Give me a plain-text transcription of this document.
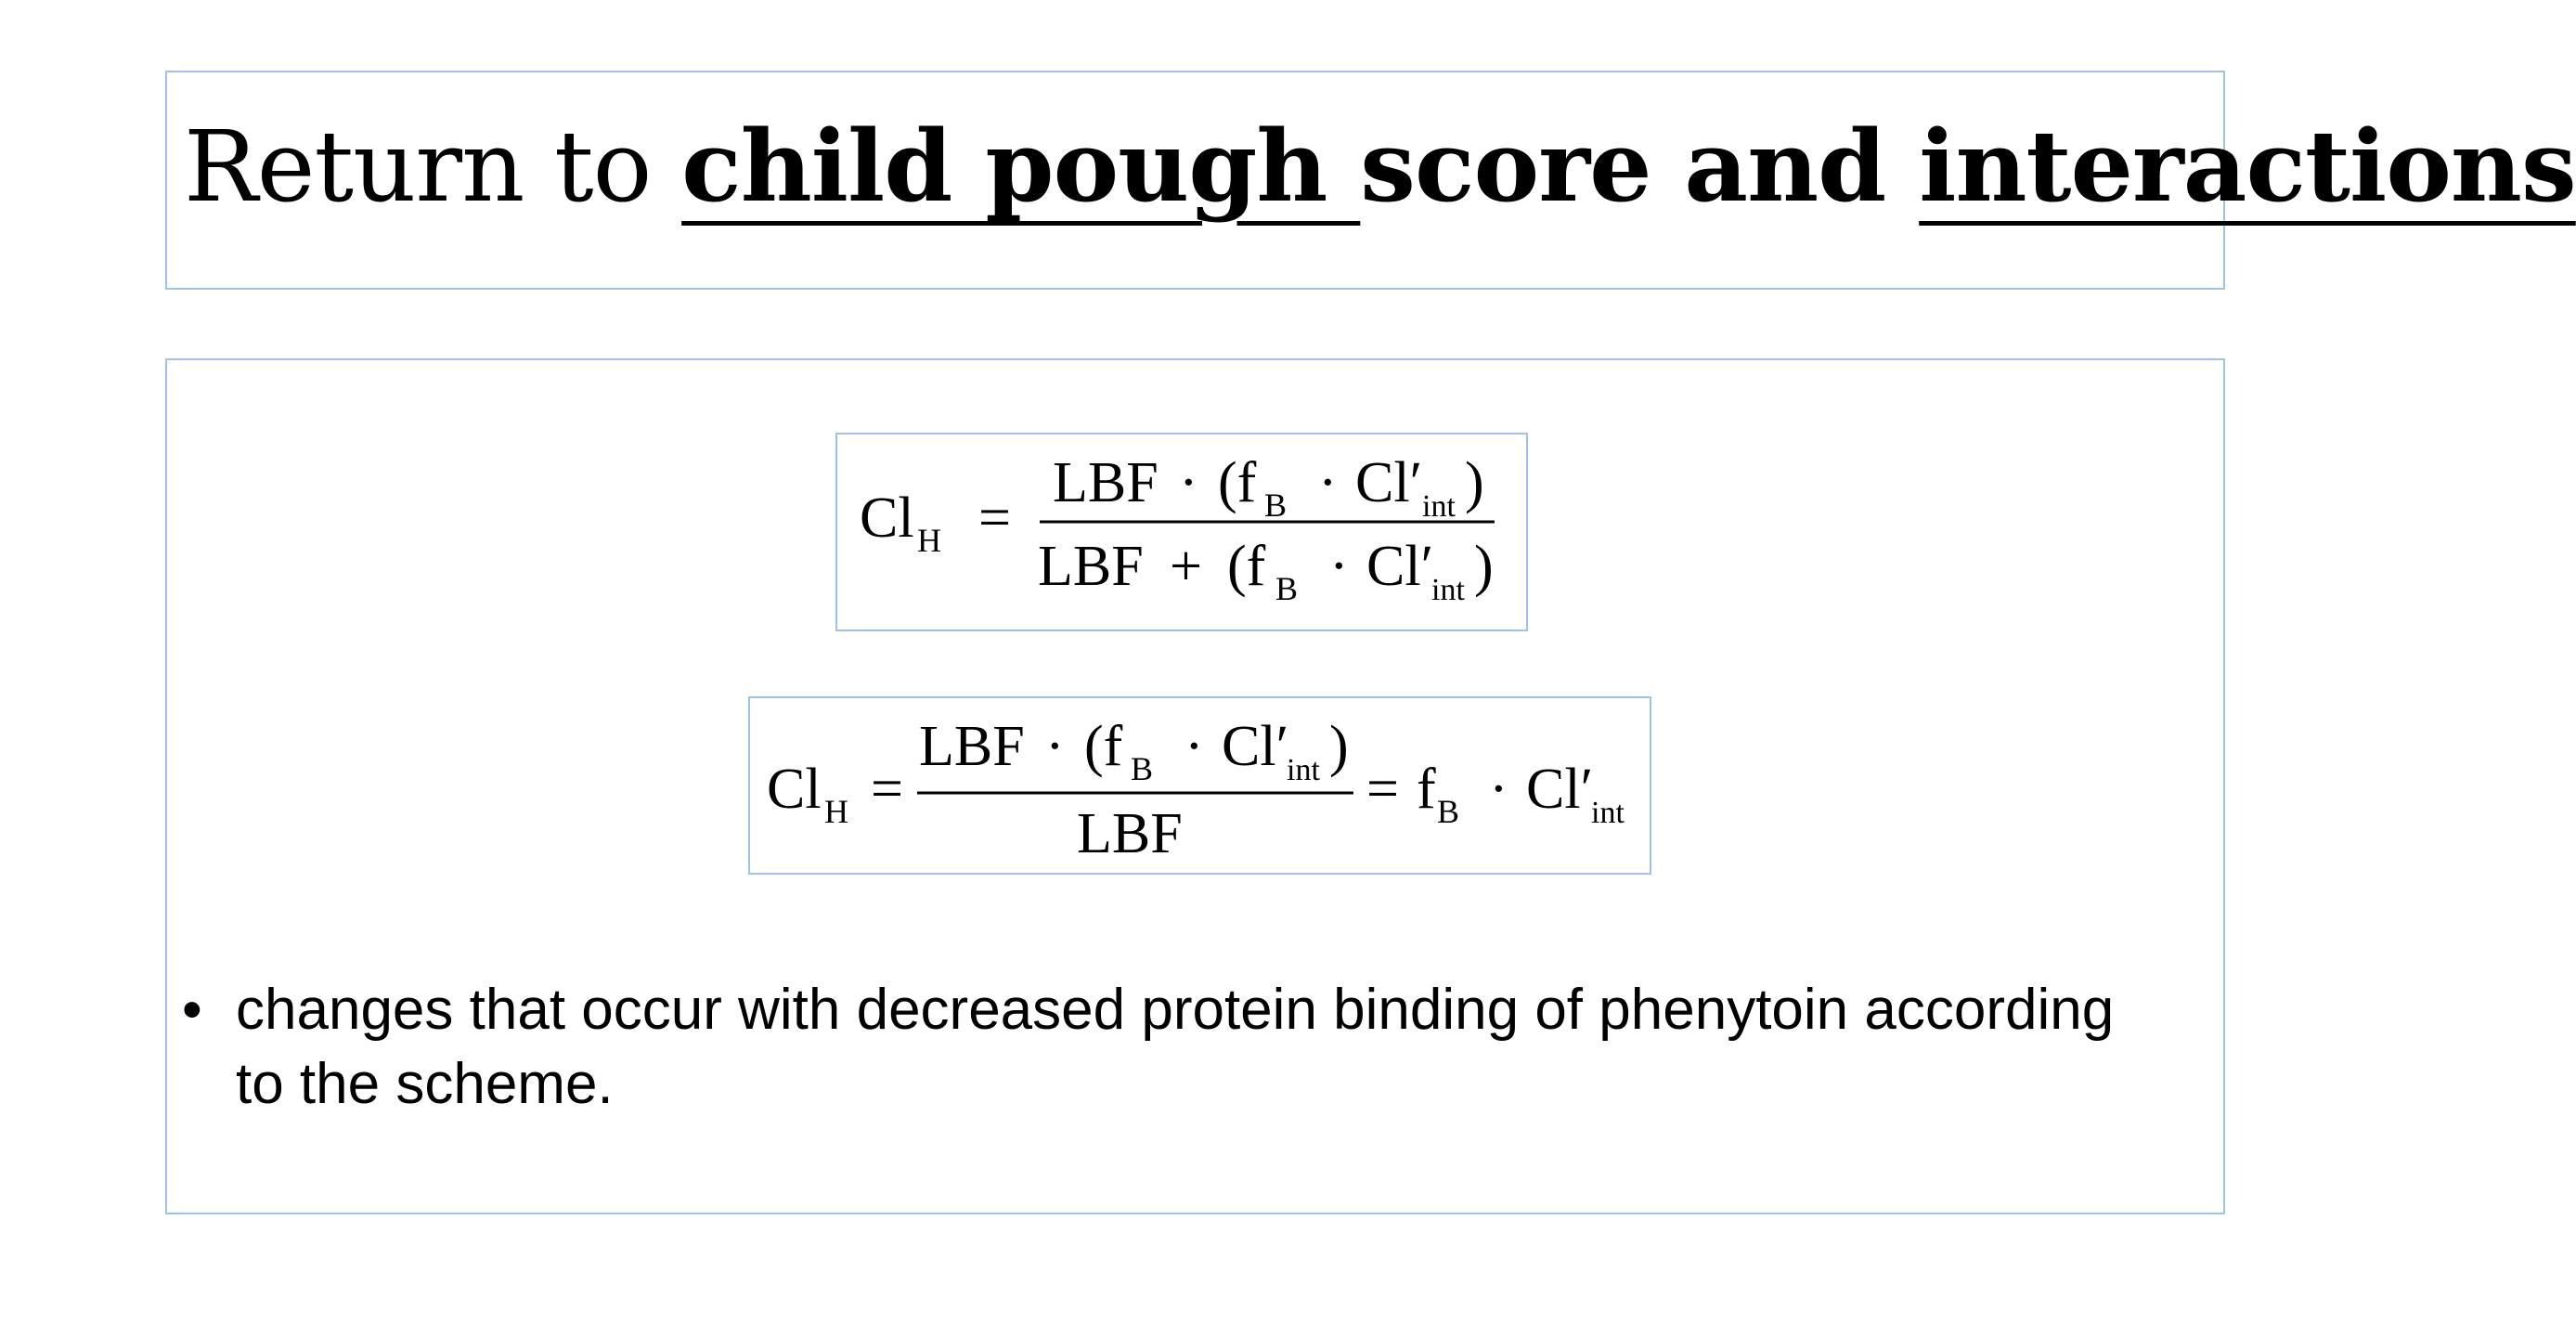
Return to child pough score and interactions
Cl H =
LBF · (f B · Cl′ int )
LBF + (f B · Cl′
int )
Cl H =
LBF · (f B · Cl′
int )
LBF
= f B · Cl′
int
• changes that occur with decreased protein binding of phenytoin according to the scheme.
